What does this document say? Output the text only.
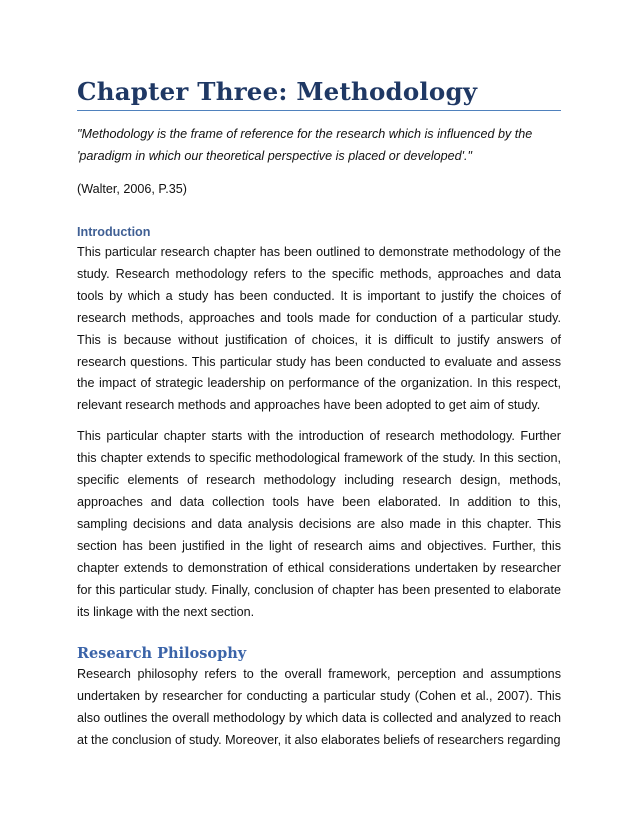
Chapter Three: Methodology

"Methodology is the frame of reference for the research which is influenced by the
'paradigm in which our theoretical perspective is placed or developed'."

(Walter, 2006, P.35)

Introduction

This particular research chapter has been outlined to demonstrate methodology of the study. Research methodology refers to the specific methods, approaches and data tools by which a study has been conducted. It is important to justify the choices of research methods, approaches and tools made for conduction of a particular study. This is because without justification of choices, it is difficult to justify answers of research questions. This particular study has been conducted to evaluate and assess the impact of strategic leadership on performance of the organization. In this respect, relevant research methods and approaches have been adopted to get aim of study.

This particular chapter starts with the introduction of research methodology. Further this chapter extends to specific methodological framework of the study. In this section, specific elements of research methodology including research design, methods, approaches and data collection tools have been elaborated. In addition to this, sampling decisions and data analysis decisions are also made in this chapter. This section has been justified in the light of research aims and objectives. Further, this chapter extends to demonstration of ethical considerations undertaken by researcher for this particular study. Finally, conclusion of chapter has been presented to elaborate its linkage with the next section.

Research Philosophy

Research philosophy refers to the overall framework, perception and assumptions undertaken by researcher for conducting a particular study (Cohen et al., 2007). This also outlines the overall methodology by which data is collected and analyzed to reach at the conclusion of study. Moreover, it also elaborates beliefs of researchers regarding
